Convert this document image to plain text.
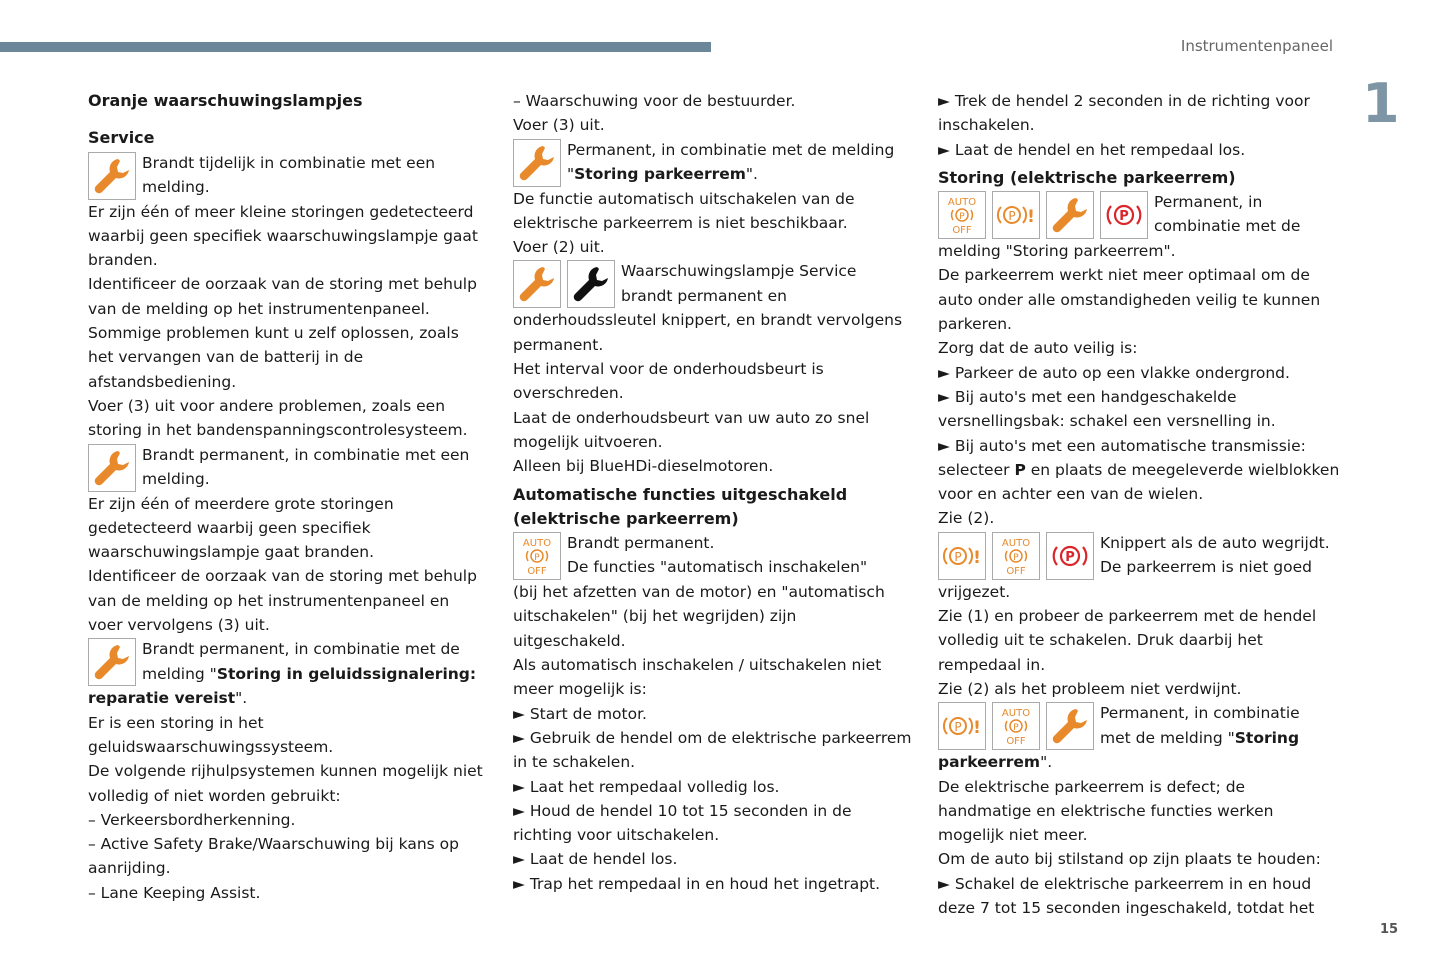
Instrumentenpaneel
1
15

Oranje waarschuwingslampjes

Service

Brandt tijdelijk in combinatie met een

melding.

Er zijn één of meer kleine storingen gedetecteerd waarbij geen specifiek waarschuwingslampje gaat branden.

Identificeer de oorzaak van de storing met behulp van de melding op het instrumentenpaneel.

Sommige problemen kunt u zelf oplossen, zoals het vervangen van de batterij in de afstandsbediening.

Voer (3) uit voor andere problemen, zoals een storing in het bandenspanningscontrolesysteem.

Brandt permanent, in combinatie met een

melding.

Er zijn één of meerdere grote storingen gedetecteerd waarbij geen specifiek waarschuwingslampje gaat branden.

Identificeer de oorzaak van de storing met behulp van de melding op het instrumentenpaneel en voer vervolgens (3) uit.

Brandt permanent, in combinatie met de

melding "Storing in geluidssignalering:

reparatie vereist".

Er is een storing in het geluidswaarschuwingssysteem.

De volgende rijhulpsystemen kunnen mogelijk niet volledig of niet worden gebruikt:

– Verkeersbordherkenning.

– Active Safety Brake/Waarschuwing bij kans op aanrijding.

– Lane Keeping Assist.

– Waarschuwing voor de bestuurder.

Voer (3) uit.

Permanent, in combinatie met de melding

"Storing parkeerrem".

De functie automatisch uitschakelen van de elektrische parkeerrem is niet beschikbaar.

Voer (2) uit.

Waarschuwingslampje Service

brandt permanent en

onderhoudssleutel knippert, en brandt vervolgens permanent.

Het interval voor de onderhoudsbeurt is overschreden.

Laat de onderhoudsbeurt van uw auto zo snel mogelijk uitvoeren.

Alleen bij BlueHDi-dieselmotoren.

Automatische functies uitgeschakeld (elektrische parkeerrem)

AUTO
P
OFF

Brandt permanent.

De functies "automatisch inschakelen"

(bij het afzetten van de motor) en "automatisch uitschakelen" (bij het wegrijden) zijn uitgeschakeld.

Als automatisch inschakelen / uitschakelen niet meer mogelijk is:

► Start de motor.

► Gebruik de hendel om de elektrische parkeerrem in te schakelen.

► Laat het rempedaal volledig los.

► Houd de hendel 10 tot 15 seconden in de richting voor uitschakelen.

► Laat de hendel los.

► Trap het rempedaal in en houd het ingetrapt.

► Trek de hendel 2 seconden in de richting voor inschakelen.

► Laat de hendel en het rempedaal los.

Storing (elektrische parkeerrem)

AUTO
P
OFF
P !	P

Permanent, in

combinatie met de

melding "Storing parkeerrem".

De parkeerrem werkt niet meer optimaal om de auto onder alle omstandigheden veilig te kunnen parkeren.

Zorg dat de auto veilig is:

► Parkeer de auto op een vlakke ondergrond.

► Bij auto's met een handgeschakelde versnellingsbak: schakel een versnelling in.

► Bij auto's met een automatische transmissie: selecteer P en plaats de meegeleverde wielblokken voor en achter een van de wielen.

Zie (2).

P !
AUTO
P
OFF
P

Knippert als de auto wegrijdt.

De parkeerrem is niet goed

vrijgezet.

Zie (1) en probeer de parkeerrem met de hendel volledig uit te schakelen. Druk daarbij het rempedaal in.

Zie (2) als het probleem niet verdwijnt.

P !
AUTO
P
OFF

Permanent, in combinatie

met de melding "Storing

parkeerrem".

De elektrische parkeerrem is defect; de handmatige en elektrische functies werken mogelijk niet meer.

Om de auto bij stilstand op zijn plaats te houden:

► Schakel de elektrische parkeerrem in en houd deze 7 tot 15 seconden ingeschakeld, totdat het
